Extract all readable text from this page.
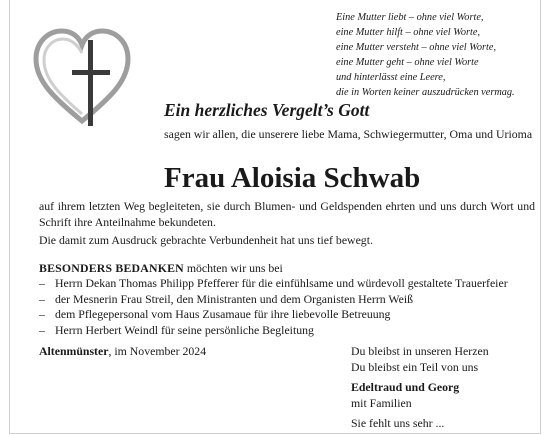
Eine Mutter liebt – ohne viel Worte,
eine Mutter hilft – ohne viel Worte,
eine Mutter versteht – ohne viel Worte,
eine Mutter geht – ohne viel Worte
und hinterlässt eine Leere,
die in Worten keiner auszudrücken vermag.
Ein herzliches Vergelt’s Gott
sagen wir allen, die unserere liebe Mama, Schwiegermutter, Oma und Urioma
Frau Aloisia Schwab
auf ihrem letzten Weg begleiteten, sie durch Blumen- und Geldspenden ehrten und uns durch Wort und Schrift ihre Anteilnahme bekundeten.
Die damit zum Ausdruck gebrachte Verbundenheit hat uns tief bewegt.
BESONDERS BEDANKEN möchten wir uns bei
– Herrn Dekan Thomas Philipp Pfefferer für die einfühlsame und würdevoll gestaltete Trauerfeier
– der Mesnerin Frau Streil, den Ministranten und dem Organisten Herrn Weiß
– dem Pflegepersonal vom Haus Zusamaue für ihre liebevolle Betreuung
– Herrn Herbert Weindl für seine persönliche Begleitung
Altenmünster, im November 2024	Du bleibst in unseren Herzen
Du bleibst ein Teil von uns
Edeltraud und Georg
mit Familien
Sie fehlt uns sehr ...
